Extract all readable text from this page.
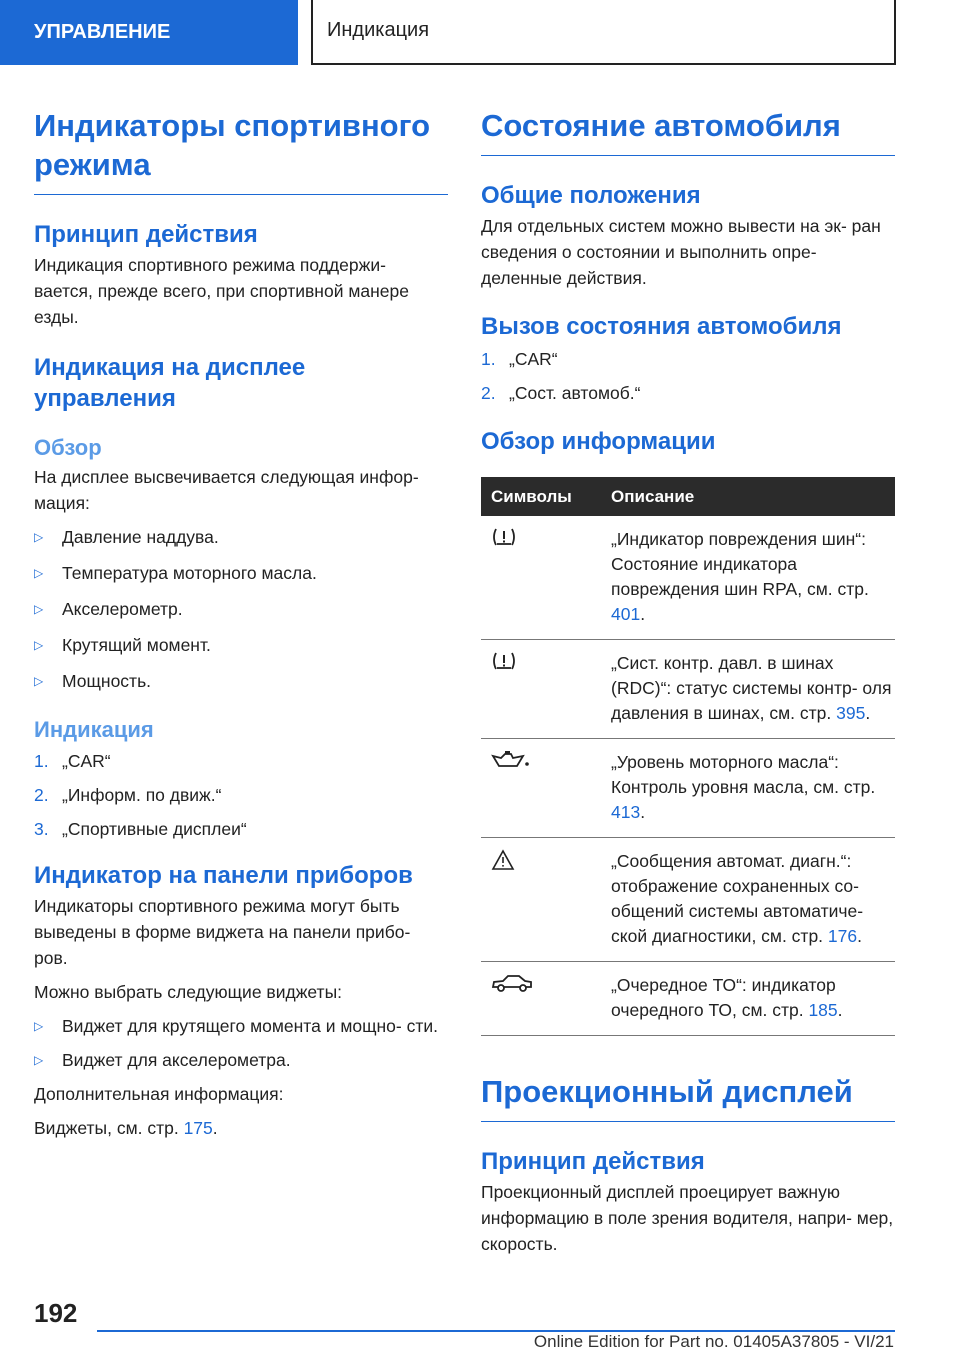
УПРАВЛЕНИЕ	Индикация
Индикаторы спортивного режима
Принцип действия

Индикация спортивного режима поддержи- вается, прежде всего, при спортивной манере езды.

Индикация на дисплее управления
Обзор

На дисплее высвечивается следующая инфор- мация:

▷	Давление наддува.
▷	Температура моторного масла.
▷	Акселерометр.
▷	Крутящий момент.
▷	Мощность.
Индикация
1. „CAR“
2. „Информ. по движ.“
3. „Спортивные дисплеи“
Индикатор на панели приборов

Индикаторы спортивного режима могут быть выведены в форме виджета на панели прибо- ров.

Можно выбрать следующие виджеты:

▷	Виджет для крутящего момента и мощно- сти.
▷	Виджет для акселерометра.

Дополнительная информация:

Виджеты, см. стр. 175.

Состояние автомобиля
Общие положения

Для отдельных систем можно вывести на эк- ран сведения о состоянии и выполнить опре- деленные действия.

Вызов состояния автомобиля
1. „CAR“
2. „Сост. автомоб.“
Обзор информации
Символы	Описание
„Индикатор повреждения шин“: Состояние индикатора повреждения шин RPA, см. стр. 401.
„Сист. контр. давл. в шинах (RDC)“: статус системы контр- оля давления в шинах, см. стр. 395.
„Уровень моторного масла“: Контроль уровня масла, см. стр. 413.
„Сообщения автомат. диагн.“: отображение сохраненных со- общений системы автоматиче- ской диагностики, см. стр. 176.
„Очередное ТО“: индикатор очередного ТО, см. стр. 185.
Проекционный дисплей
Принцип действия

Проекционный дисплей проецирует важную информацию в поле зрения водителя, напри- мер, скорость.

192
Online Edition for Part no. 01405A37805 - VI/21
